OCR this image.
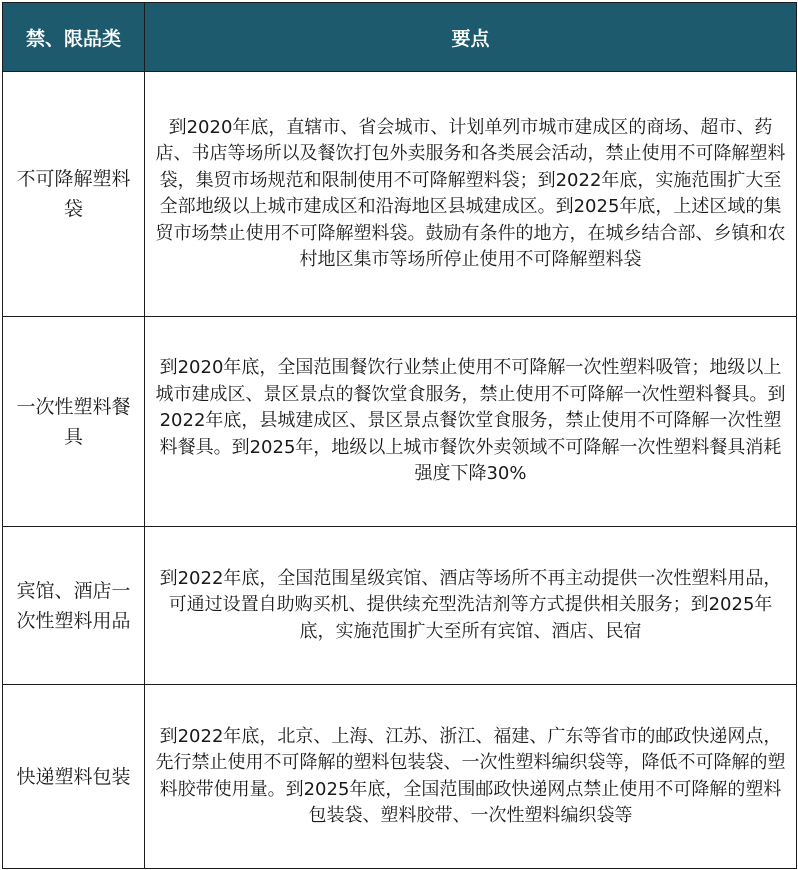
禁、限品类	要点
不可降解塑料袋	到2020年底，直辖市、省会城市、计划单列市城市建成区的商场、超市、药店、书店等场所以及餐饮打包外卖服务和各类展会活动，禁止使用不可降解塑料袋，集贸市场规范和限制使用不可降解塑料袋；到2022年底，实施范围扩大至全部地级以上城市建成区和沿海地区县城建成区。到2025年底，上述区域的集贸市场禁止使用不可降解塑料袋。鼓励有条件的地方，在城乡结合部、乡镇和农村地区集市等场所停止使用不可降解塑料袋
一次性塑料餐具	到2020年底，全国范围餐饮行业禁止使用不可降解一次性塑料吸管；地级以上城市建成区、景区景点的餐饮堂食服务，禁止使用不可降解一次性塑料餐具。到2022年底，县城建成区、景区景点餐饮堂食服务，禁止使用不可降解一次性塑料餐具。到2025年，地级以上城市餐饮外卖领域不可降解一次性塑料餐具消耗强度下降30%
宾馆、酒店一次性塑料用品	到2022年底，全国范围星级宾馆、酒店等场所不再主动提供一次性塑料用品，可通过设置自助购买机、提供续充型洗洁剂等方式提供相关服务；到2025年底，实施范围扩大至所有宾馆、酒店、民宿
快递塑料包装	到2022年底，北京、上海、江苏、浙江、福建、广东等省市的邮政快递网点，先行禁止使用不可降解的塑料包装袋、一次性塑料编织袋等，降低不可降解的塑料胶带使用量。到2025年底，全国范围邮政快递网点禁止使用不可降解的塑料包装袋、塑料胶带、一次性塑料编织袋等
